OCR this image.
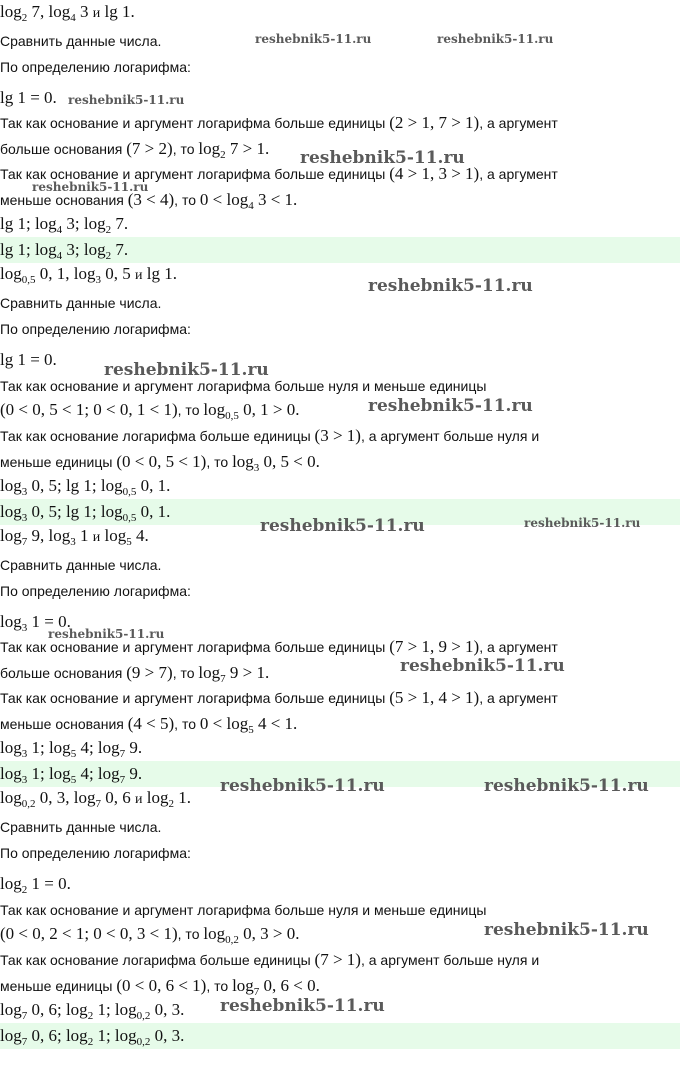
$\log_2 7$, $\log_4 3$ и lg 1.
Сравнить данные числа.
По определению логарифма:
lg 1 = 0.
Так как основание и аргумент логарифма больше единицы (2 > 1, 7 > 1), а аргумент
больше основания (7 > 2), то $\log_2 7 > 1$.
Так как основание и аргумент логарифма больше единицы (4 > 1, 3 > 1), а аргумент
меньше основания (3 < 4), то $0 < \log_4 3 < 1$.
lg 1; $\log_4 3$; $\log_2 7$.
lg 1; $\log_4 3$; $\log_2 7$.
$\log_{0,5} 0$, 1, $\log_3 0$, 5 и lg 1.
Сравнить данные числа.
По определению логарифма:
lg 1 = 0.
Так как основание и аргумент логарифма больше нуля и меньше единицы
(0 < 0, 5 < 1; 0 < 0, 1 < 1), то $\log_{0,5} 0$, 1 > 0.
Так как основание логарифма больше единицы (3 > 1), а аргумент больше нуля и
меньше единицы (0 < 0, 5 < 1), то $\log_3 0$, 5 < 0.
$\log_3 0$, 5; lg 1; $\log_{0,5} 0$, 1.
$\log_3 0$, 5; lg 1; $\log_{0,5} 0$, 1.
$\log_7 9$, $\log_3 1$ и $\log_5 4$.
Сравнить данные числа.
По определению логарифма:
$\log_3 1 = 0$.
Так как основание и аргумент логарифма больше единицы (7 > 1, 9 > 1), а аргумент
больше основания (9 > 7), то $\log_7 9 > 1$.
Так как основание и аргумент логарифма больше единицы (5 > 1, 4 > 1), а аргумент
меньше основания (4 < 5), то $0 < \log_5 4 < 1$.
$\log_3 1$; $\log_5 4$; $\log_7 9$.
$\log_3 1$; $\log_5 4$; $\log_7 9$.
$\log_{0,2} 0$, 3, $\log_7 0$, 6 и $\log_2 1$.
Сравнить данные числа.
По определению логарифма:
$\log_2 1 = 0$.
Так как основание и аргумент логарифма больше нуля и меньше единицы
(0 < 0, 2 < 1; 0 < 0, 3 < 1), то $\log_{0,2} 0$, 3 > 0.
Так как основание логарифма больше единицы (7 > 1), а аргумент больше нуля и
меньше единицы (0 < 0, 6 < 1), то $\log_7 0$, 6 < 0.
$\log_7 0$, 6; $\log_2 1$; $\log_{0,2} 0$, 3.
$\log_7 0$, 6; $\log_2 1$; $\log_{0,2} 0$, 3.
reshebnik5-11.ru	reshebnik5-11.ru
reshebnik5-11.ru
reshebnik5-11.ru
reshebnik5-11.ru
reshebnik5-11.ru
reshebnik5-11.ru
reshebnik5-11.ru
reshebnik5-11.ru	reshebnik5-11.ru
reshebnik5-11.ru
reshebnik5-11.ru
reshebnik5-11.ru	reshebnik5-11.ru
reshebnik5-11.ru
reshebnik5-11.ru
